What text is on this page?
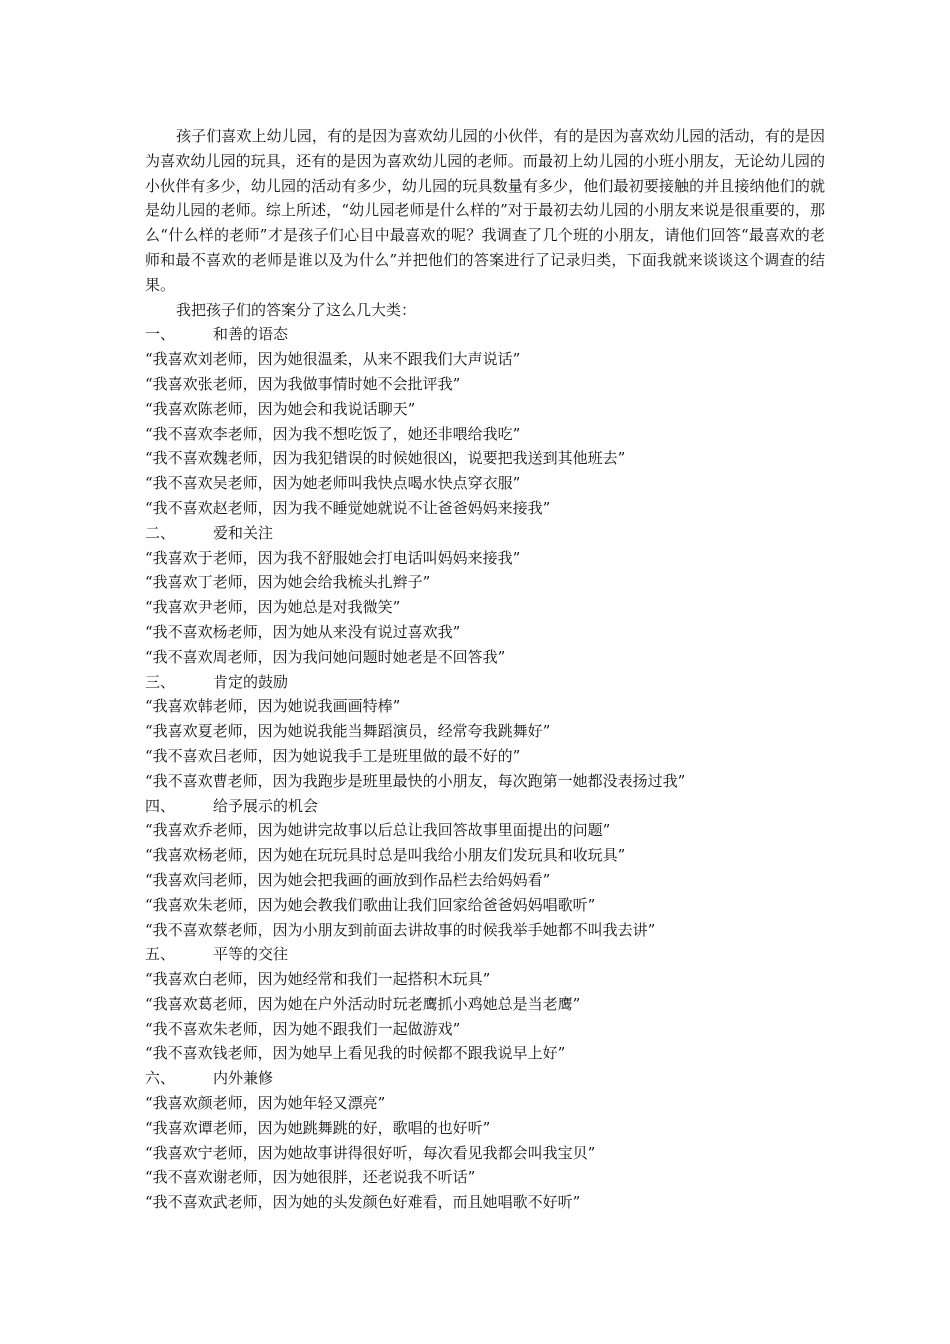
孩子们喜欢上幼儿园，有的是因为喜欢幼儿园的小伙伴，有的是因为喜欢幼儿园的活动，有的是因为喜欢幼儿园的玩具，还有的是因为喜欢幼儿园的老师。而最初上幼儿园的小班小朋友，无论幼儿园的小伙伴有多少，幼儿园的活动有多少，幼儿园的玩具数量有多少，他们最初要接触的并且接纳他们的就是幼儿园的老师。综上所述，“幼儿园老师是什么样的”对于最初去幼儿园的小朋友来说是很重要的，那么“什么样的老师”才是孩子们心目中最喜欢的呢？我调查了几个班的小朋友，请他们回答“最喜欢的老师和最不喜欢的老师是谁以及为什么”并把他们的答案进行了记录归类，下面我就来谈谈这个调查的结果。

我把孩子们的答案分了这么几大类：

一、	和善的语态

“我喜欢刘老师，因为她很温柔，从来不跟我们大声说话”

“我喜欢张老师，因为我做事情时她不会批评我”

“我喜欢陈老师，因为她会和我说话聊天”

“我不喜欢李老师，因为我不想吃饭了，她还非喂给我吃”

“我不喜欢魏老师，因为我犯错误的时候她很凶，说要把我送到其他班去”

“我不喜欢吴老师，因为她老师叫我快点喝水快点穿衣服”

“我不喜欢赵老师，因为我不睡觉她就说不让爸爸妈妈来接我”

二、	爱和关注

“我喜欢于老师，因为我不舒服她会打电话叫妈妈来接我”

“我喜欢丁老师，因为她会给我梳头扎辫子”

“我喜欢尹老师，因为她总是对我微笑”

“我不喜欢杨老师，因为她从来没有说过喜欢我”

“我不喜欢周老师，因为我问她问题时她老是不回答我”

三、	肯定的鼓励

“我喜欢韩老师，因为她说我画画特棒”

“我喜欢夏老师，因为她说我能当舞蹈演员，经常夸我跳舞好”

“我不喜欢吕老师，因为她说我手工是班里做的最不好的”

“我不喜欢曹老师，因为我跑步是班里最快的小朋友，每次跑第一她都没表扬过我”

四、	给予展示的机会

“我喜欢乔老师，因为她讲完故事以后总让我回答故事里面提出的问题”

“我喜欢杨老师，因为她在玩玩具时总是叫我给小朋友们发玩具和收玩具”

“我喜欢闫老师，因为她会把我画的画放到作品栏去给妈妈看”

“我喜欢朱老师，因为她会教我们歌曲让我们回家给爸爸妈妈唱歌听”

“我不喜欢蔡老师，因为小朋友到前面去讲故事的时候我举手她都不叫我去讲”

五、	平等的交往

“我喜欢白老师，因为她经常和我们一起搭积木玩具”

“我喜欢葛老师，因为她在户外活动时玩老鹰抓小鸡她总是当老鹰”

“我不喜欢朱老师，因为她不跟我们一起做游戏”

“我不喜欢钱老师，因为她早上看见我的时候都不跟我说早上好”

六、	内外兼修

“我喜欢颜老师，因为她年轻又漂亮”

“我喜欢谭老师，因为她跳舞跳的好，歌唱的也好听”

“我喜欢宁老师，因为她故事讲得很好听，每次看见我都会叫我宝贝”

“我不喜欢谢老师，因为她很胖，还老说我不听话”

“我不喜欢武老师，因为她的头发颜色好难看，而且她唱歌不好听”
